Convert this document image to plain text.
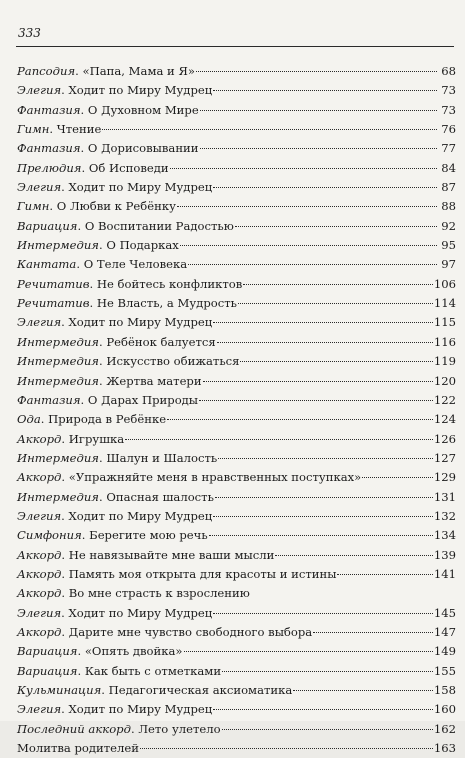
333
Рапсодия. «Папа, Мама и Я»	68
Элегия. Ходит по Миру Мудрец	73
Фантазия. О Духовном Мире	73
Гимн. Чтение	76
Фантазия. О Дорисовывании	77
Прелюдия. Об Исповеди	84
Элегия. Ходит по Миру Мудрец	87
Гимн. О Любви к Ребёнку	88
Вариация. О Воспитании Радостью	92
Интермедия. О Подарках	95
Кантата. О Теле Человека	97
Речитатив. Не бойтесь конфликтов	106
Речитатив. Не Власть, а Мудрость	114
Элегия. Ходит по Миру Мудрец	115
Интермедия. Ребёнок балуется	116
Интермедия. Искусство обижаться	119
Интермедия. Жертва матери	120
Фантазия. О Дарах Природы	122
Ода. Природа в Ребёнке	124
Аккорд. Игрушка	126
Интермедия. Шалун и Шалость	127
Аккорд. «Упражняйте меня в нравственных поступках»	129
Интермедия. Опасная шалость	131
Элегия. Ходит по Миру Мудрец	132
Симфония. Берегите мою речь	134
Аккорд. Не навязывайте мне ваши мысли	139
Аккорд. Память моя открыта для красоты и истины	141
Аккорд. Во мне страсть к взрослению
Элегия. Ходит по Миру Мудрец	145
Аккорд. Дарите мне чувство свободного выбора	147
Вариация. «Опять двойка»	149
Вариация. Как быть с отметками	155
Кульминация. Педагогическая аксиоматика	158
Элегия. Ходит по Миру Мудрец	160
Последний аккорд. Лето улетело	162
Молитва родителей	163
